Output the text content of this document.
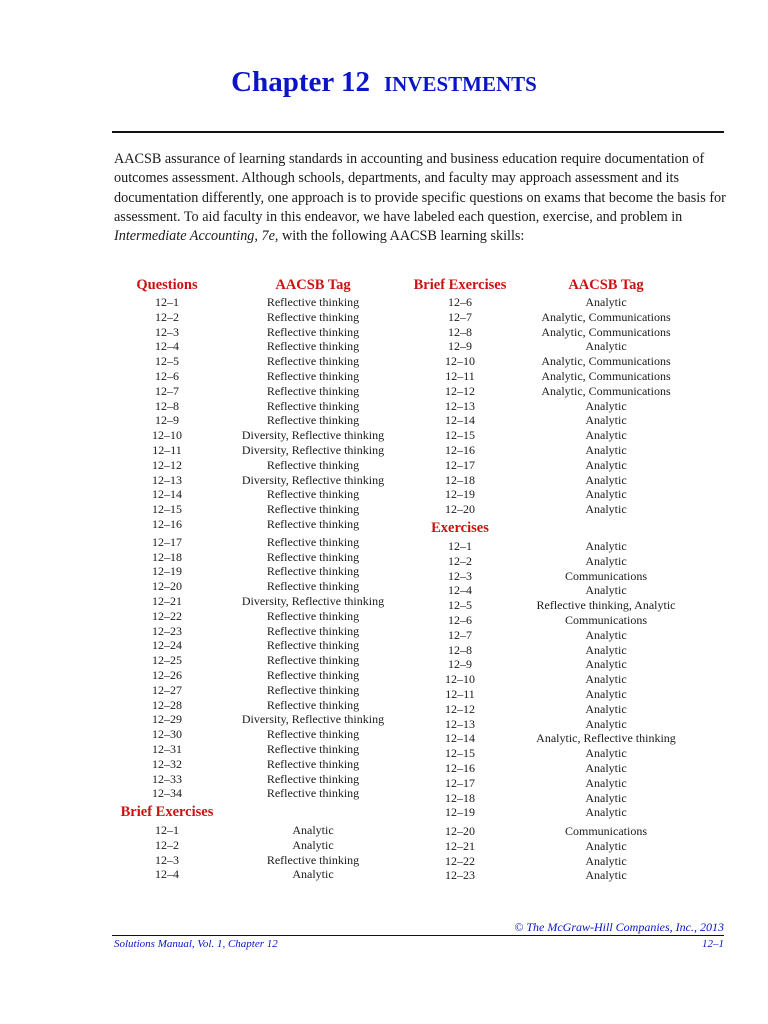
Chapter 12 INVESTMENTS

AACSB assurance of learning standards in accounting and business education require documentation of outcomes assessment. Although schools, departments, and faculty may approach assessment and its documentation differently, one approach is to provide specific questions on exams that become the basis for assessment. To aid faculty in this endeavor, we have labeled each question, exercise, and problem in Intermediate Accounting, 7e, with the following AACSB learning skills:

Questions
12–1
12–2
12–3
12–4
12–5
12–6
12–7
12–8
12–9
12–10
12–11
12–12
12–13
12–14
12–15
12–16
12–17
12–18
12–19
12–20
12–21
12–22
12–23
12–24
12–25
12–26
12–27
12–28
12–29
12–30
12–31
12–32
12–33
12–34
Brief Exercises
12–1
12–2
12–3
12–4
AACSB Tag
Reflective thinking
Reflective thinking
Reflective thinking
Reflective thinking
Reflective thinking
Reflective thinking
Reflective thinking
Reflective thinking
Reflective thinking
Diversity, Reflective thinking
Diversity, Reflective thinking
Reflective thinking
Diversity, Reflective thinking
Reflective thinking
Reflective thinking
Reflective thinking
Reflective thinking
Reflective thinking
Reflective thinking
Reflective thinking
Diversity, Reflective thinking
Reflective thinking
Reflective thinking
Reflective thinking
Reflective thinking
Reflective thinking
Reflective thinking
Reflective thinking
Diversity, Reflective thinking
Reflective thinking
Reflective thinking
Reflective thinking
Reflective thinking
Reflective thinking
Analytic
Analytic
Reflective thinking
Analytic
Brief Exercises
12–6
12–7
12–8
12–9
12–10
12–11
12–12
12–13
12–14
12–15
12–16
12–17
12–18
12–19
12–20
Exercises
12–1
12–2
12–3
12–4
12–5
12–6
12–7
12–8
12–9
12–10
12–11
12–12
12–13
12–14
12–15
12–16
12–17
12–18
12–19
12–20
12–21
12–22
12–23
AACSB Tag
Analytic
Analytic, Communications
Analytic, Communications
Analytic
Analytic, Communications
Analytic, Communications
Analytic, Communications
Analytic
Analytic
Analytic
Analytic
Analytic
Analytic
Analytic
Analytic
Analytic
Analytic
Communications
Analytic
Reflective thinking, Analytic
Communications
Analytic
Analytic
Analytic
Analytic
Analytic
Analytic
Analytic
Analytic, Reflective thinking
Analytic
Analytic
Analytic
Analytic
Analytic
Communications
Analytic
Analytic
Analytic
© The McGraw-Hill Companies, Inc., 2013
Solutions Manual, Vol. 1, Chapter 12	12–1
